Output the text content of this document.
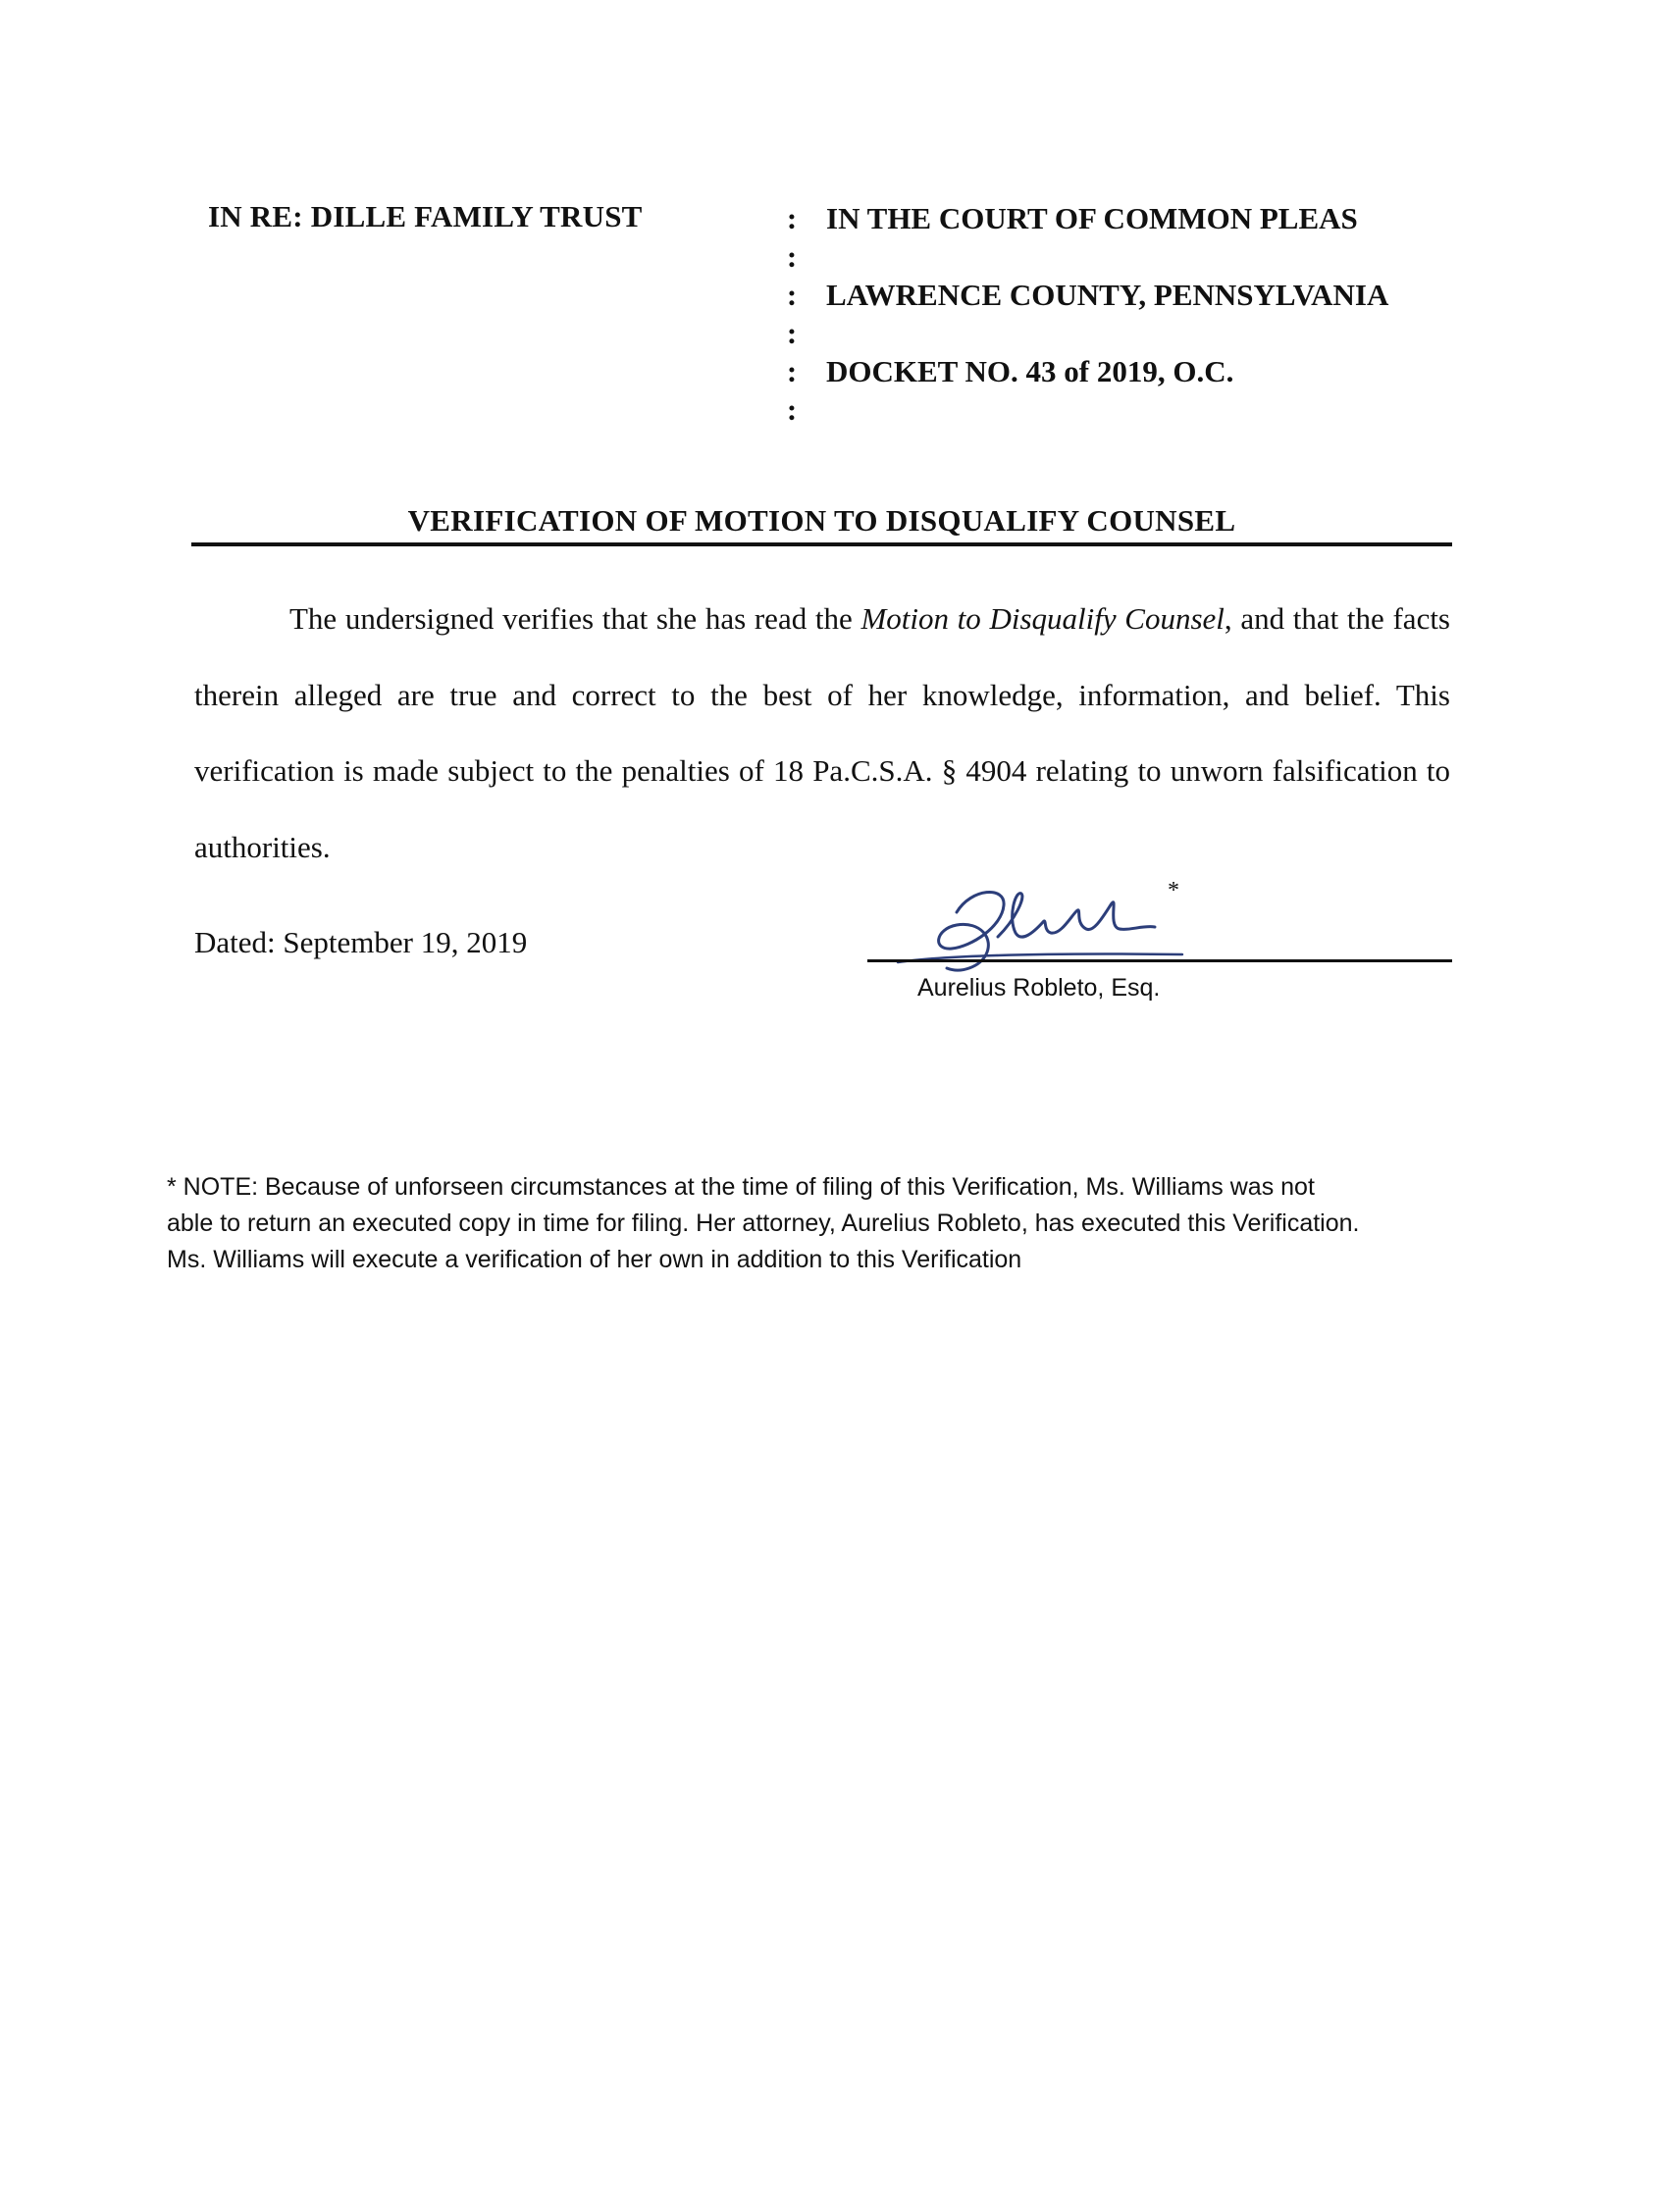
IN RE: DILLE FAMILY TRUST	:
:
:
:
:
:
IN THE COURT OF COMMON PLEAS
LAWRENCE COUNTY, PENNSYLVANIA
DOCKET NO. 43 of 2019, O.C.
VERIFICATION OF MOTION TO DISQUALIFY COUNSEL

The undersigned verifies that she has read the Motion to Disqualify Counsel, and that the facts therein alleged are true and correct to the best of her knowledge, information, and belief. This verification is made subject to the penalties of 18 Pa.C.S.A. § 4904 relating to unworn falsification to authorities.

Dated: September 19, 2019
*
Aurelius Robleto, Esq.
* NOTE: Because of unforseen circumstances at the time of filing of this Verification, Ms. Williams was not
able to return an executed copy in time for filing. Her attorney, Aurelius Robleto, has executed this Verification.
Ms. Williams will execute a verification of her own in addition to this Verification
